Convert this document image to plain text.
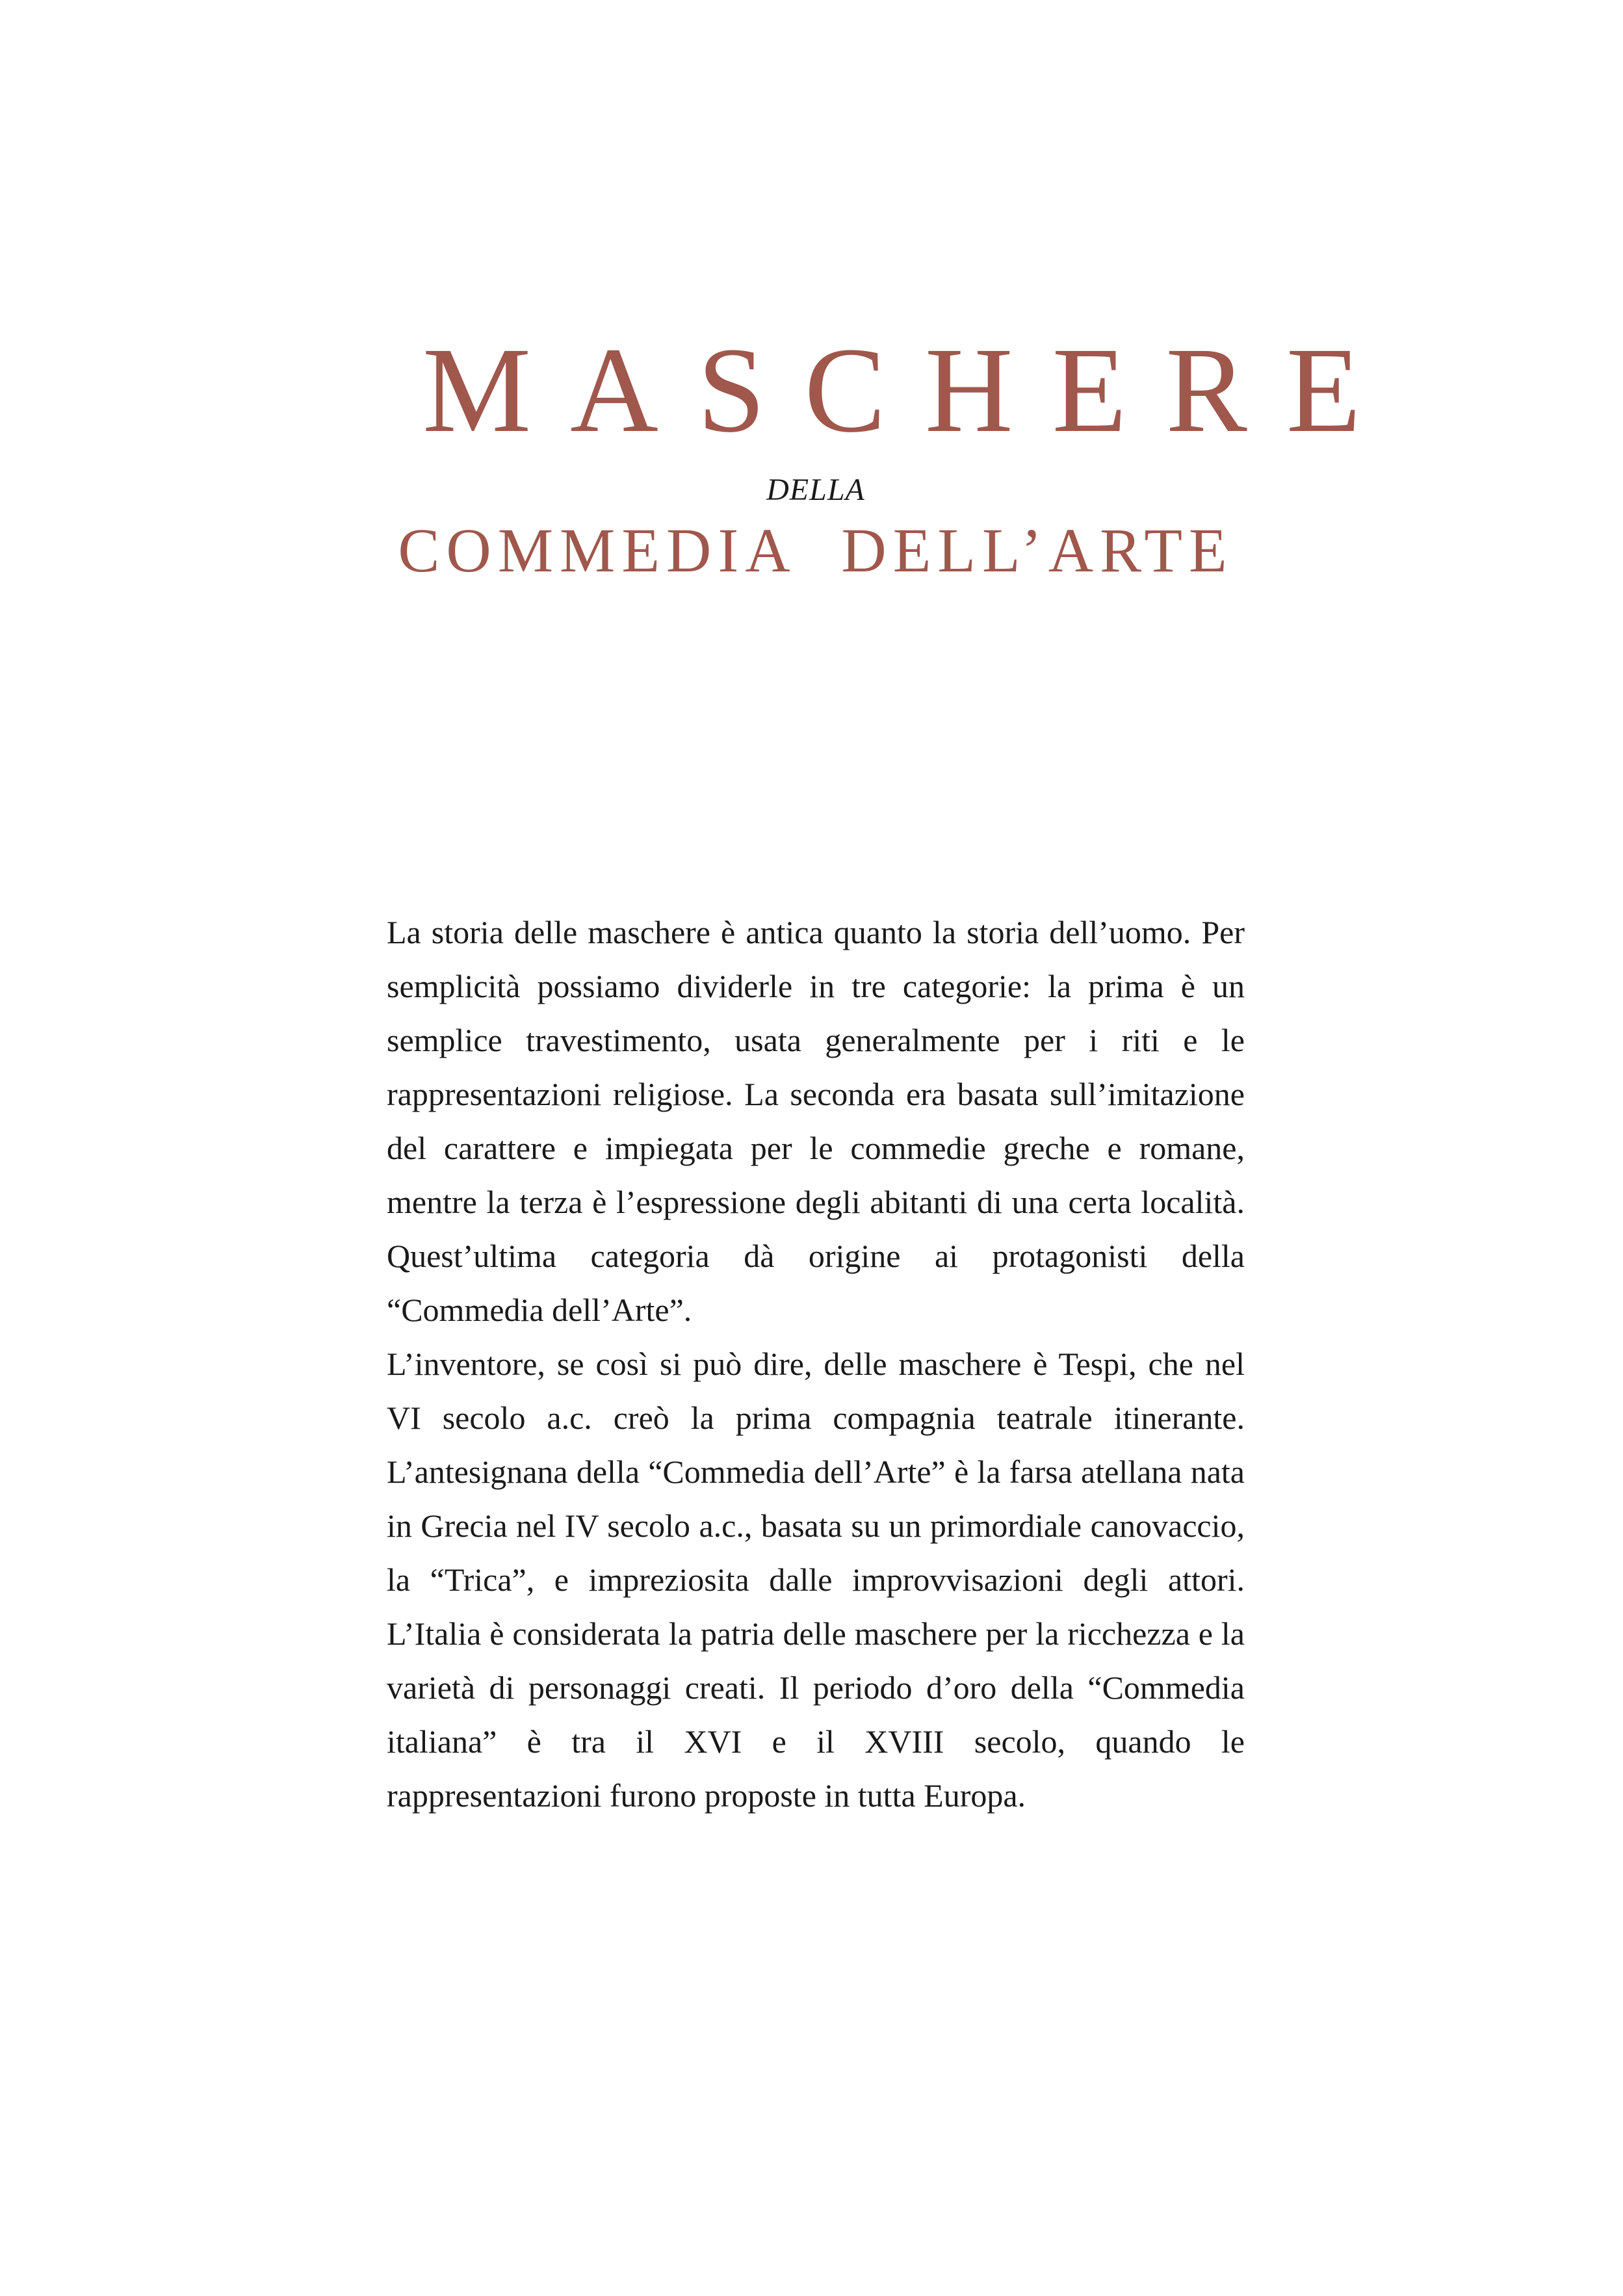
MASCHERE
DELLA
COMMEDIA DELL’ARTE

La storia delle maschere è antica quanto la storia dell’uomo. Per semplicità possiamo dividerle in tre categorie: la prima è un semplice travestimento, usata generalmente per i riti e le rappresentazioni religiose. La seconda era basata sull’imitazione del carattere e impiegata per le commedie greche e romane, mentre la terza è l’espressione degli abitanti di una certa località. Quest’ultima categoria dà origine ai protagonisti della “Commedia dell’Arte”.

L’inventore, se così si può dire, delle maschere è Tespi, che nel VI secolo a.c. creò la prima compagnia teatrale itinerante. L’antesignana della “Commedia dell’Arte” è la farsa atellana nata in Grecia nel IV secolo a.c., basata su un primordiale canovaccio, la “Trica”, e impreziosita dalle improvvisazioni degli attori. L’Italia è considerata la patria delle maschere per la ricchezza e la varietà di personaggi creati. Il periodo d’oro della “Commedia italiana” è tra il XVI e il XVIII secolo, quando le rappresentazioni furono proposte in tutta Europa.
